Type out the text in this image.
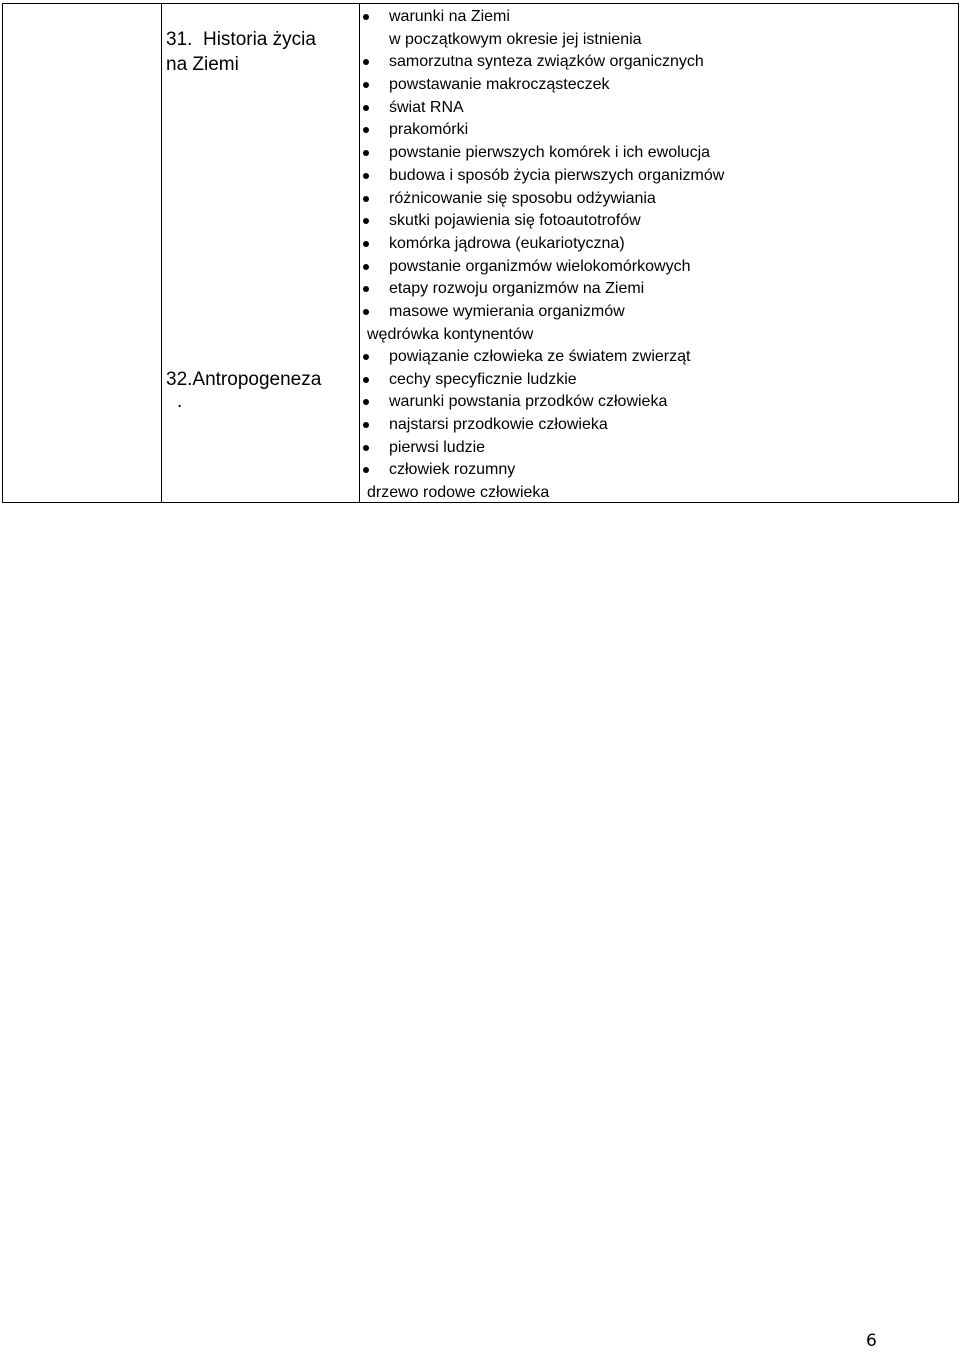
31.  Historia życia
na Ziemi
32.Antropogeneza
.
warunki na Ziemi
w początkowym okresie jej istnienia
samorzutna synteza związków organicznych
powstawanie makrocząsteczek
świat RNA
prakomórki
powstanie pierwszych komórek i ich ewolucja
budowa i sposób życia pierwszych organizmów
różnicowanie się sposobu odżywiania
skutki pojawienia się fotoautotrofów
komórka jądrowa (eukariotyczna)
powstanie organizmów wielokomórkowych
etapy rozwoju organizmów na Ziemi
masowe wymierania organizmów
wędrówka kontynentów
powiązanie człowieka ze światem zwierząt
cechy specyficznie ludzkie
warunki powstania przodków człowieka
najstarsi przodkowie człowieka
pierwsi ludzie
człowiek rozumny
drzewo rodowe człowieka
6
